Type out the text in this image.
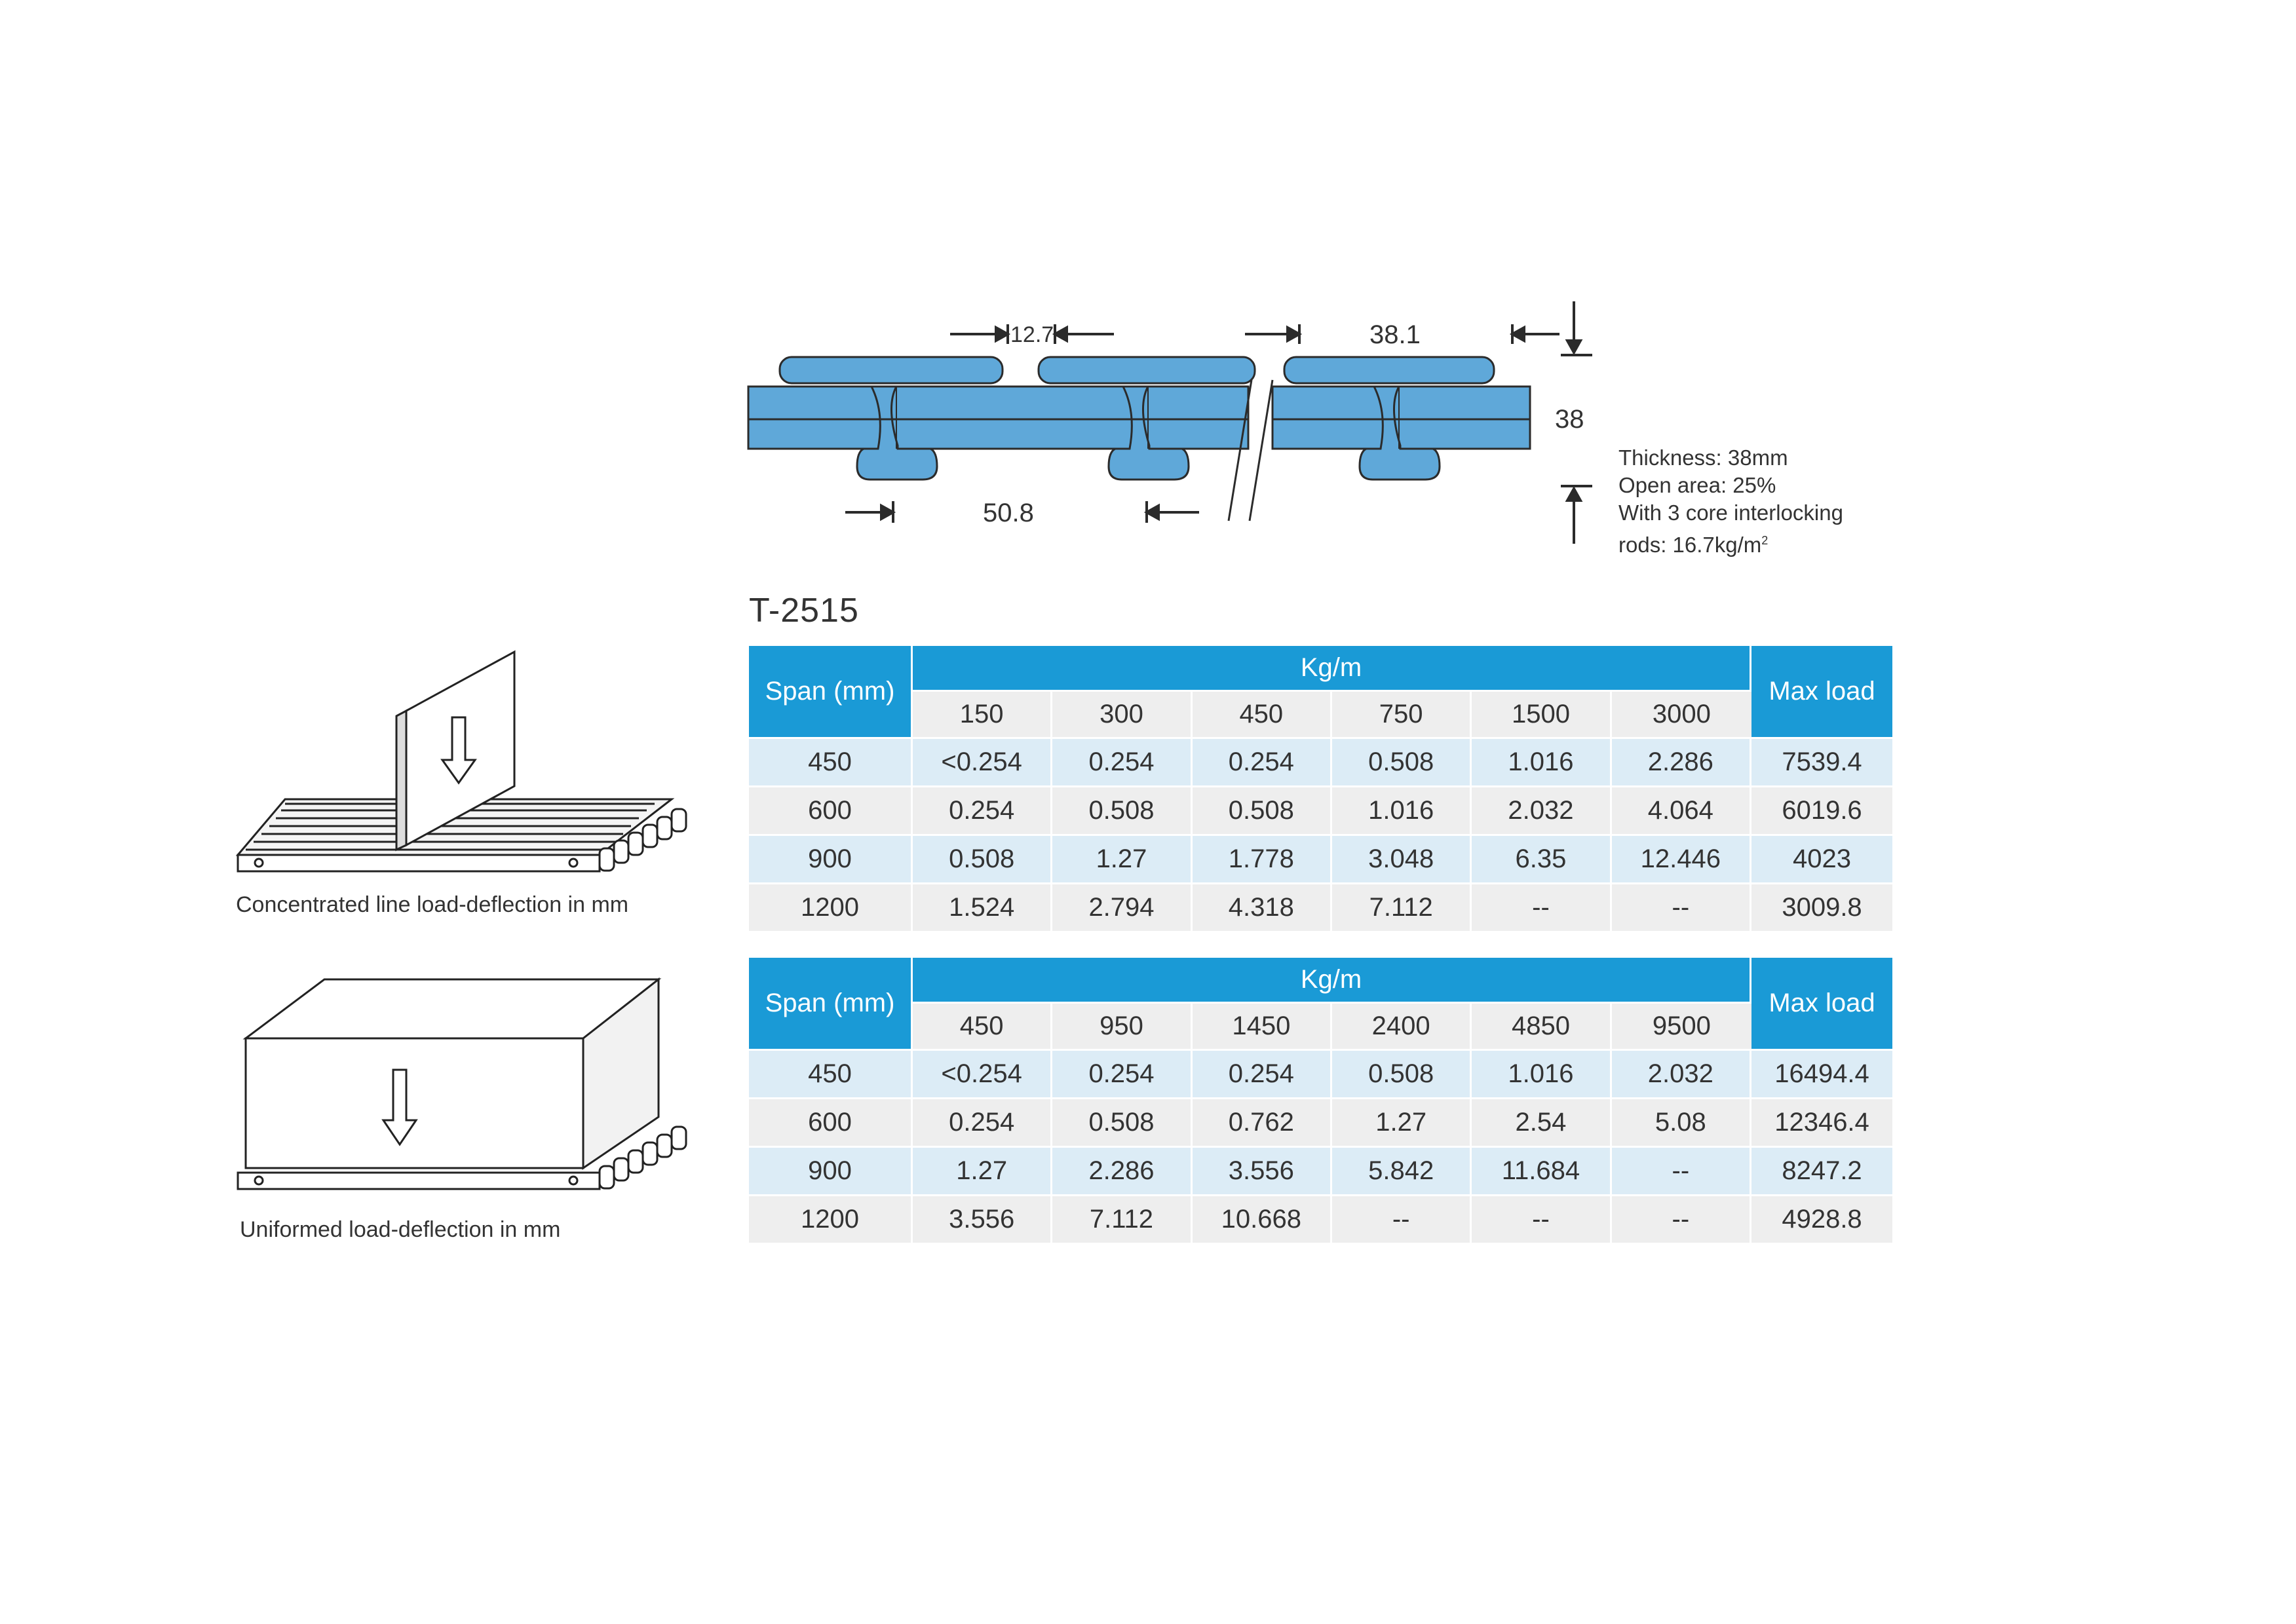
12.7	38.1
38
50.8
Thickness: 38mm
Open area: 25%
With 3 core interlocking
rods: $16.7kg/m^2$
T-2515
Concentrated line load-deflection in mm
Uniformed load-deflection in mm
Span (mm)	Kg/m						Max load
	150	300	450	750	1500	3000	
450	<0.254	0.254	0.254	0.508	1.016	2.286	7539.4
600	0.254	0.508	0.508	1.016	2.032	4.064	6019.6
900	0.508	1.27	1.778	3.048	6.35	12.446	4023
1200	1.524	2.794	4.318	7.112	--	--	3009.8
Span (mm)	Kg/m						Max load
	450	950	1450	2400	4850	9500	
450	<0.254	0.254	0.254	0.508	1.016	2.032	16494.4
600	0.254	0.508	0.762	1.27	2.54	5.08	12346.4
900	1.27	2.286	3.556	5.842	11.684	--	8247.2
1200	3.556	7.112	10.668	--	--	--	4928.8
